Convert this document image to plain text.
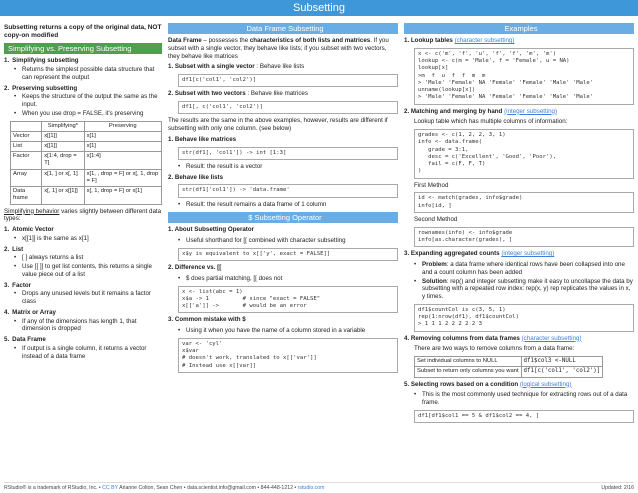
Subsetting
Subsetting returns a copy of the original data, NOT copy-on modified
Simplifying vs. Preserving Subsetting
1. Simplifying subsetting
• Returns the simplest possible data structure that can represent the output
2. Preserving subsetting
• Keeps the structure of the output the same as the input.
• When you use drop = FALSE, it's preserving
	Simplifying*	Preserving
Vector	x[[1]]	x[1]
List	x[[1]]	x[1]
Factor	x[1:4, drop = T]	x[1:4]
Array	x[1, ] or x[, 1]	x[1, , drop = F] or x[, 1, drop = F]
Data frame	x[, 1] or x[[1]]	x[, 1, drop = F] or x[1]
Simplifying behavior varies slightly between different data types:
1. Atomic Vector
• x[[1]] is the same as x[1]
2. List
• [ ] always returns a list
• Use [[ ]] to get list contents, this returns a single value piece out of a list
3. Factor
• Drops any unused levels but it remains a factor class
4. Matrix or Array
• If any of the dimensions has length 1, that dimension is dropped
5. Data Frame
• If output is a single column, it returns a vector instead of a data frame
Data Frame Subsetting
Data Frame – possesses the characteristics of both lists and matrices. If you subset with a single vector, they behave like lists; if you subset with two vectors, they behave like matrices
1. Subset with a single vector : Behave like lists
df1[c('col1', 'col2')]
2. Subset with two vectors : Behave like matrices
df1[, c('col1', 'col2')]
The results are the same in the above examples, however, results are different if subsetting with only one column. (see below)
1. Behave like matrices
str(df1[, 'col1']) -> int [1:3]
• Result: the result is a vector
2. Behave like lists
str(df1['col1']) -> 'data.frame'
• Result: the result remains a data frame of 1 column
$ Subsetting Operator
1. About Subsetting Operator
• Useful shorthand for [[ combined with character subsetting
x$y is equivalent to x[['y', exact = FALSE]]
2. Difference vs. [[
• $ does partial matching, [[ does not
x <- list(abc = 1)
x$a -> 1          # since "exact = FALSE"
x[['a']] ->       # would be an error
3. Common mistake with $
• Using it when you have the name of a column stored in a variable
var <- 'cyl'
x$var
# doesn't work, translated to x[['var']]
# Instead use x[[var]]
Examples
1. Lookup tables (character subsetting)
x <- c('m', 'f', 'u', 'f', 'f', 'm', 'm')
lookup <- c(m = 'Male', f = 'Female', u = NA)
lookup[x]
>m  f  u  f  f  m  m
> 'Male' 'Female' NA 'Female' 'Female' 'Male' 'Male'
unname(lookup[x])
> 'Male' 'Female' NA 'Female' 'Female' 'Male' 'Male'
2. Matching and merging by hand (integer subsetting)
Lookup table which has multiple columns of information:
grades <- c(1, 2, 2, 3, 1)
info <- data.frame(
grade = 3:1,
desc = c('Excellent', 'Good', 'Poor'),
fail = c(F, F, T)
)
First Method
id <- match(grades, info$grade)
info[id, ]
Second Method
rownames(info) <- info$grade
info[as.character(grades), ]
3. Expanding aggregated counts (integer subsetting)
• Problem: a data frame where identical rows have been collapsed into one and a count column has been added
• Solution: rep() and integer subsetting make it easy to uncollapse the data by subsetting with a repeated row index: rep(x, y) rep replicates the values in x, y times.
df1$countCol is c(3, 5, 1)
rep(1:nrow(df1), df1$countCol)
> 1 1 1 2 2 2 2 2 3
4. Removing columns from data frames (character subsetting)
There are two ways to remove columns from a data frame:
Set individual columns to NULL	df1$col3 <-NULL
Subset to return only columns you want	df1[c('col1', 'col2')]
5. Selecting rows based on a condition (logical subsetting)
• This is the most commonly used technique for extracting rows out of a data frame.
df1[df1$col1 == 5 & df1$col2 == 4, ]
RStudio® is a trademark of RStudio, Inc. • CC BY Arianne Colton, Sean Chen • data.scientist.info@gmail.com • 844-448-1212 • rstudio.com	Updated: 2/16
